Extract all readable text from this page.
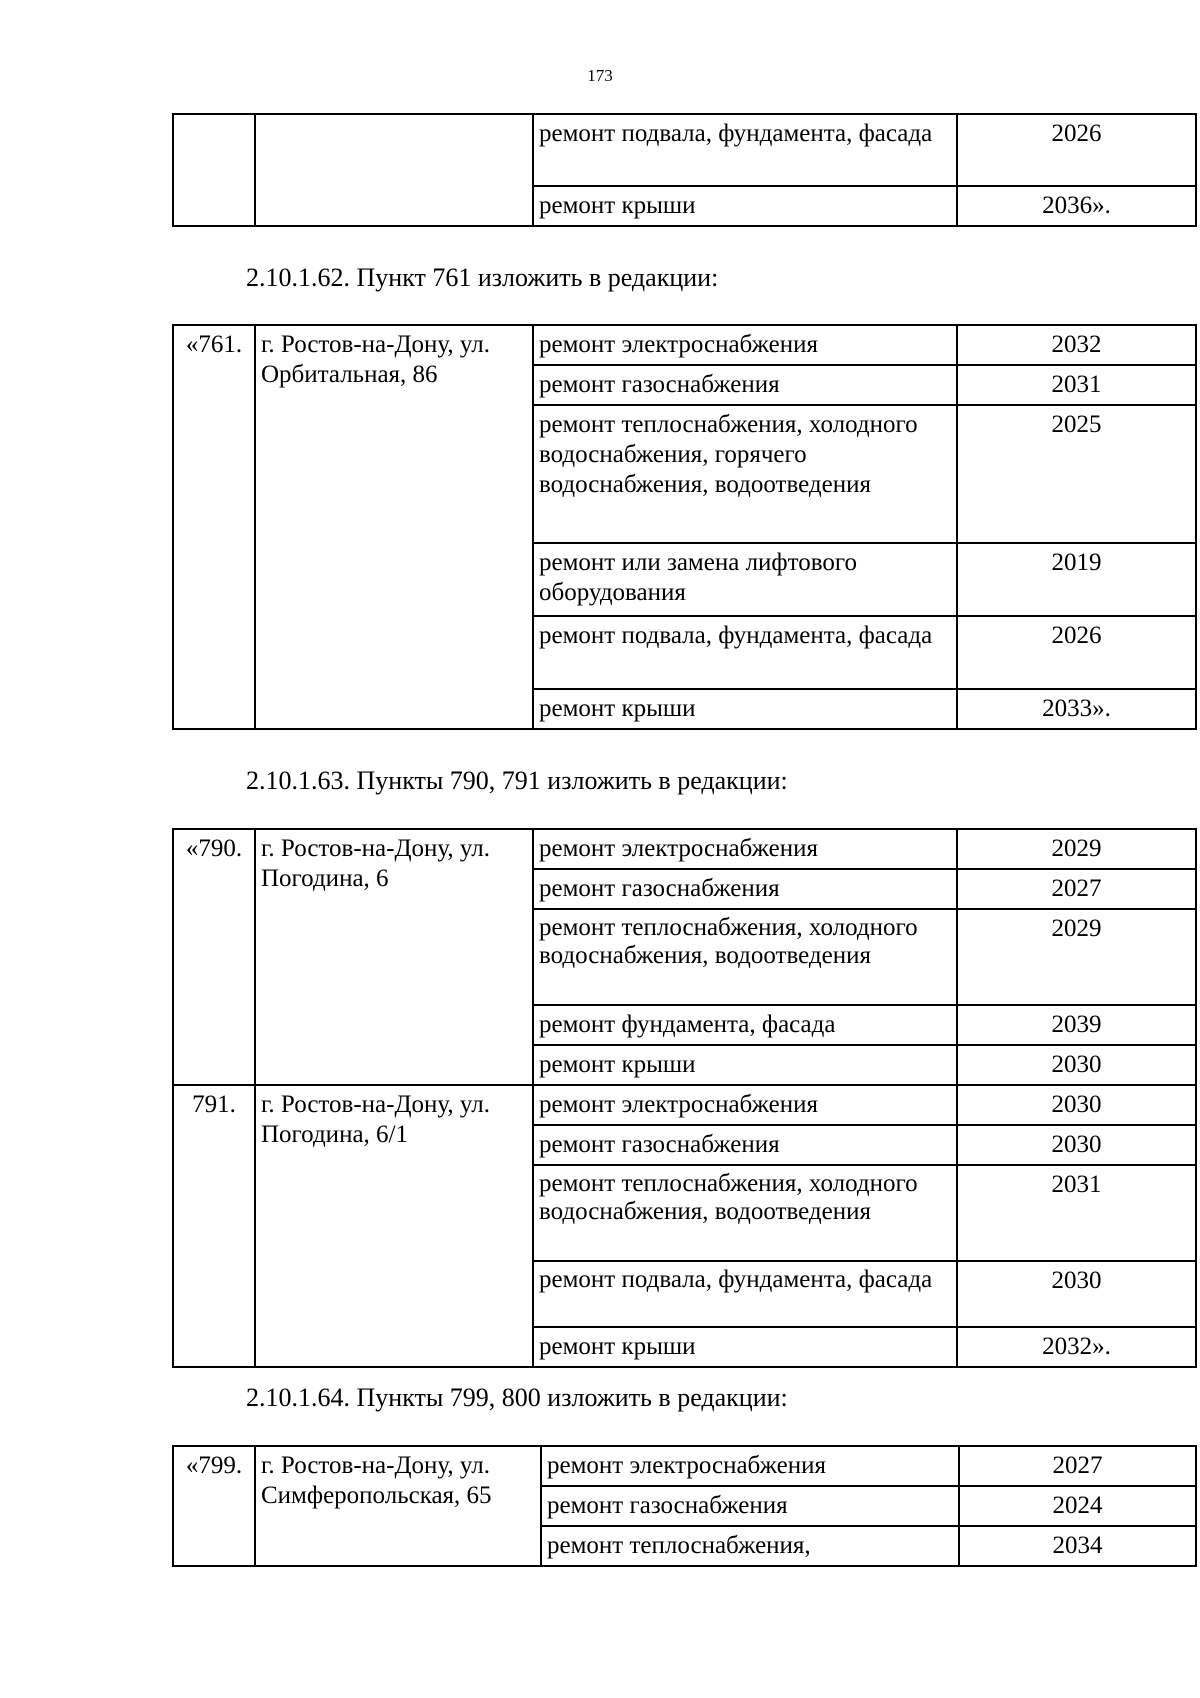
173
		ремонт подвала, фундамента, фасада	2026
		ремонт крыши	2036».
2.10.1.62. Пункт 761 изложить в редакции:
«761.	г. Ростов-на-Дону, ул. Орбитальная, 86	ремонт электроснабжения	2032
		ремонт газоснабжения	2031
		ремонт теплоснабжения, холодного водоснабжения, горячего водоснабжения, водоотведения	2025
		ремонт или замена лифтового оборудования	2019
		ремонт подвала, фундамента, фасада	2026
		ремонт крыши	2033».
2.10.1.63. Пункты 790, 791 изложить в редакции:
«790.	г. Ростов-на-Дону, ул. Погодина, 6	ремонт электроснабжения	2029
		ремонт газоснабжения	2027
		ремонт теплоснабжения, холодного водоснабжения, водоотведения	2029
		ремонт фундамента, фасада	2039
		ремонт крыши	2030
791.	г. Ростов-на-Дону, ул. Погодина, 6/1	ремонт электроснабжения	2030
		ремонт газоснабжения	2030
		ремонт теплоснабжения, холодного водоснабжения, водоотведения	2031
		ремонт подвала, фундамента, фасада	2030
		ремонт крыши	2032».
2.10.1.64. Пункты 799, 800 изложить в редакции:
«799.	г. Ростов-на-Дону, ул. Симферопольская, 65	ремонт электроснабжения	2027
		ремонт газоснабжения	2024
		ремонт теплоснабжения,	2034
